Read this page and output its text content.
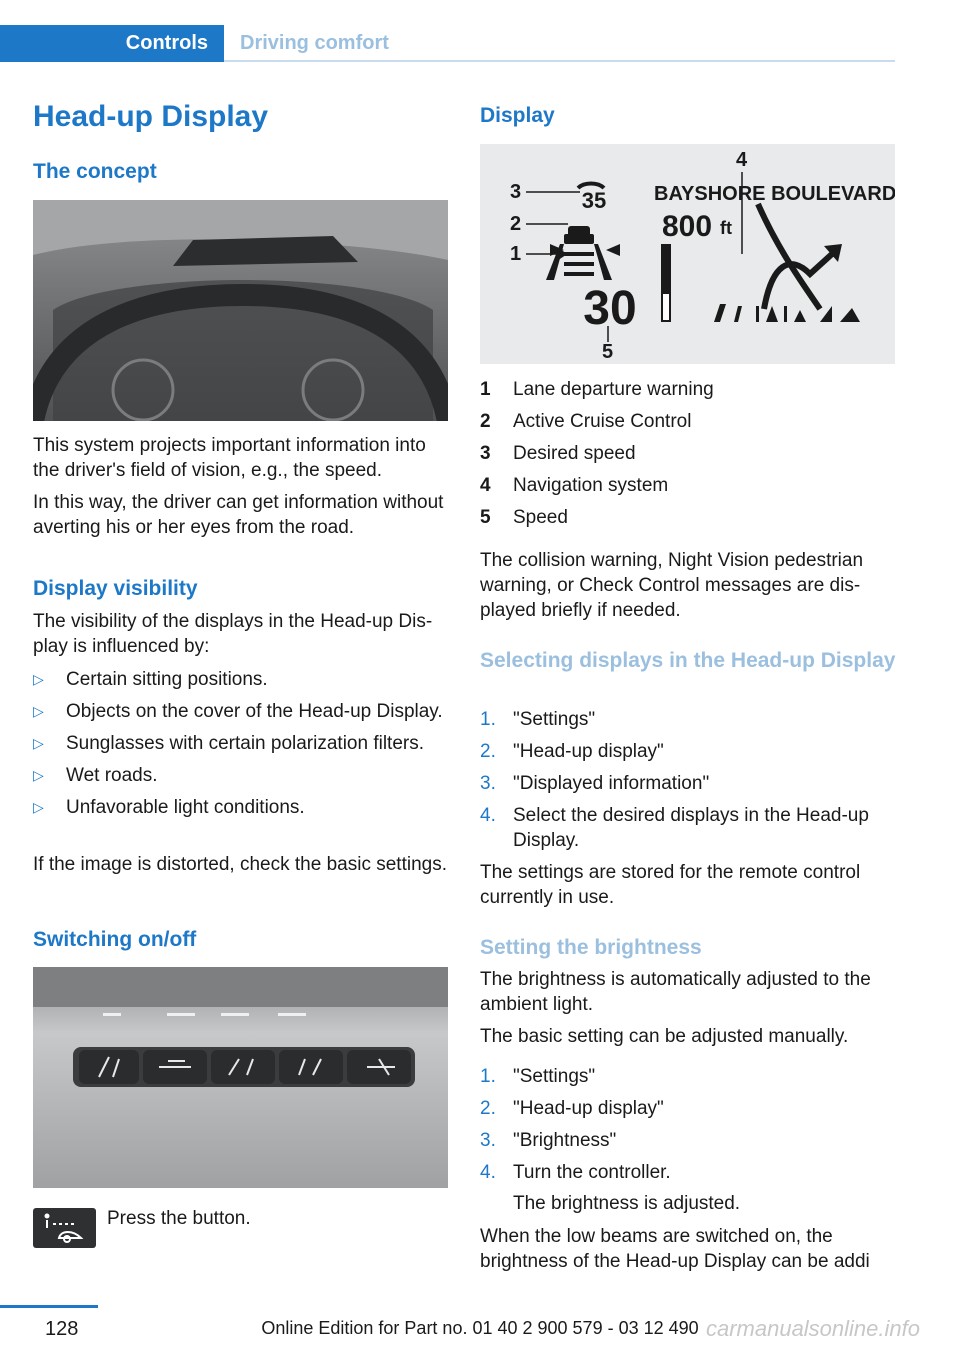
Controls	Driving comfort
Head-up Display
The concept
This system projects important information into the driver's field of vision, e.g., the speed.
In this way, the driver can get information without averting his or her eyes from the road.
Display visibility
The visibility of the displays in the Head-up Display is influenced by:
▷ Certain sitting positions.
▷ Objects on the cover of the Head-up Display.
▷ Sunglasses with certain polarization filters.
▷ Wet roads.
▷ Unfavorable light conditions.
If the image is distorted, check the basic settings.
Switching on/off
Press the button.
Display
35
30
3
2
1
4
5
BAYSHORE BOULEVARD
800 ft
1 Lane departure warning
2 Active Cruise Control
3 Desired speed
4 Navigation system
5 Speed
The collision warning, Night Vision pedestrian warning, or Check Control messages are displayed briefly if needed.
Selecting displays in the Head-up Display
1. "Settings"
2. "Head-up display"
3. "Displayed information"
4. Select the desired displays in the Head-up Display.
The settings are stored for the remote control currently in use.
Setting the brightness
The brightness is automatically adjusted to the ambient light.
The basic setting can be adjusted manually.
1. "Settings"
2. "Head-up display"
3. "Brightness"
4. Turn the controller.
The brightness is adjusted.
When the low beams are switched on, the brightness of the Head-up Display can be addi
128	Online Edition for Part no. 01 40 2 900 579 - 03 12 490 carmanualsonline.info
